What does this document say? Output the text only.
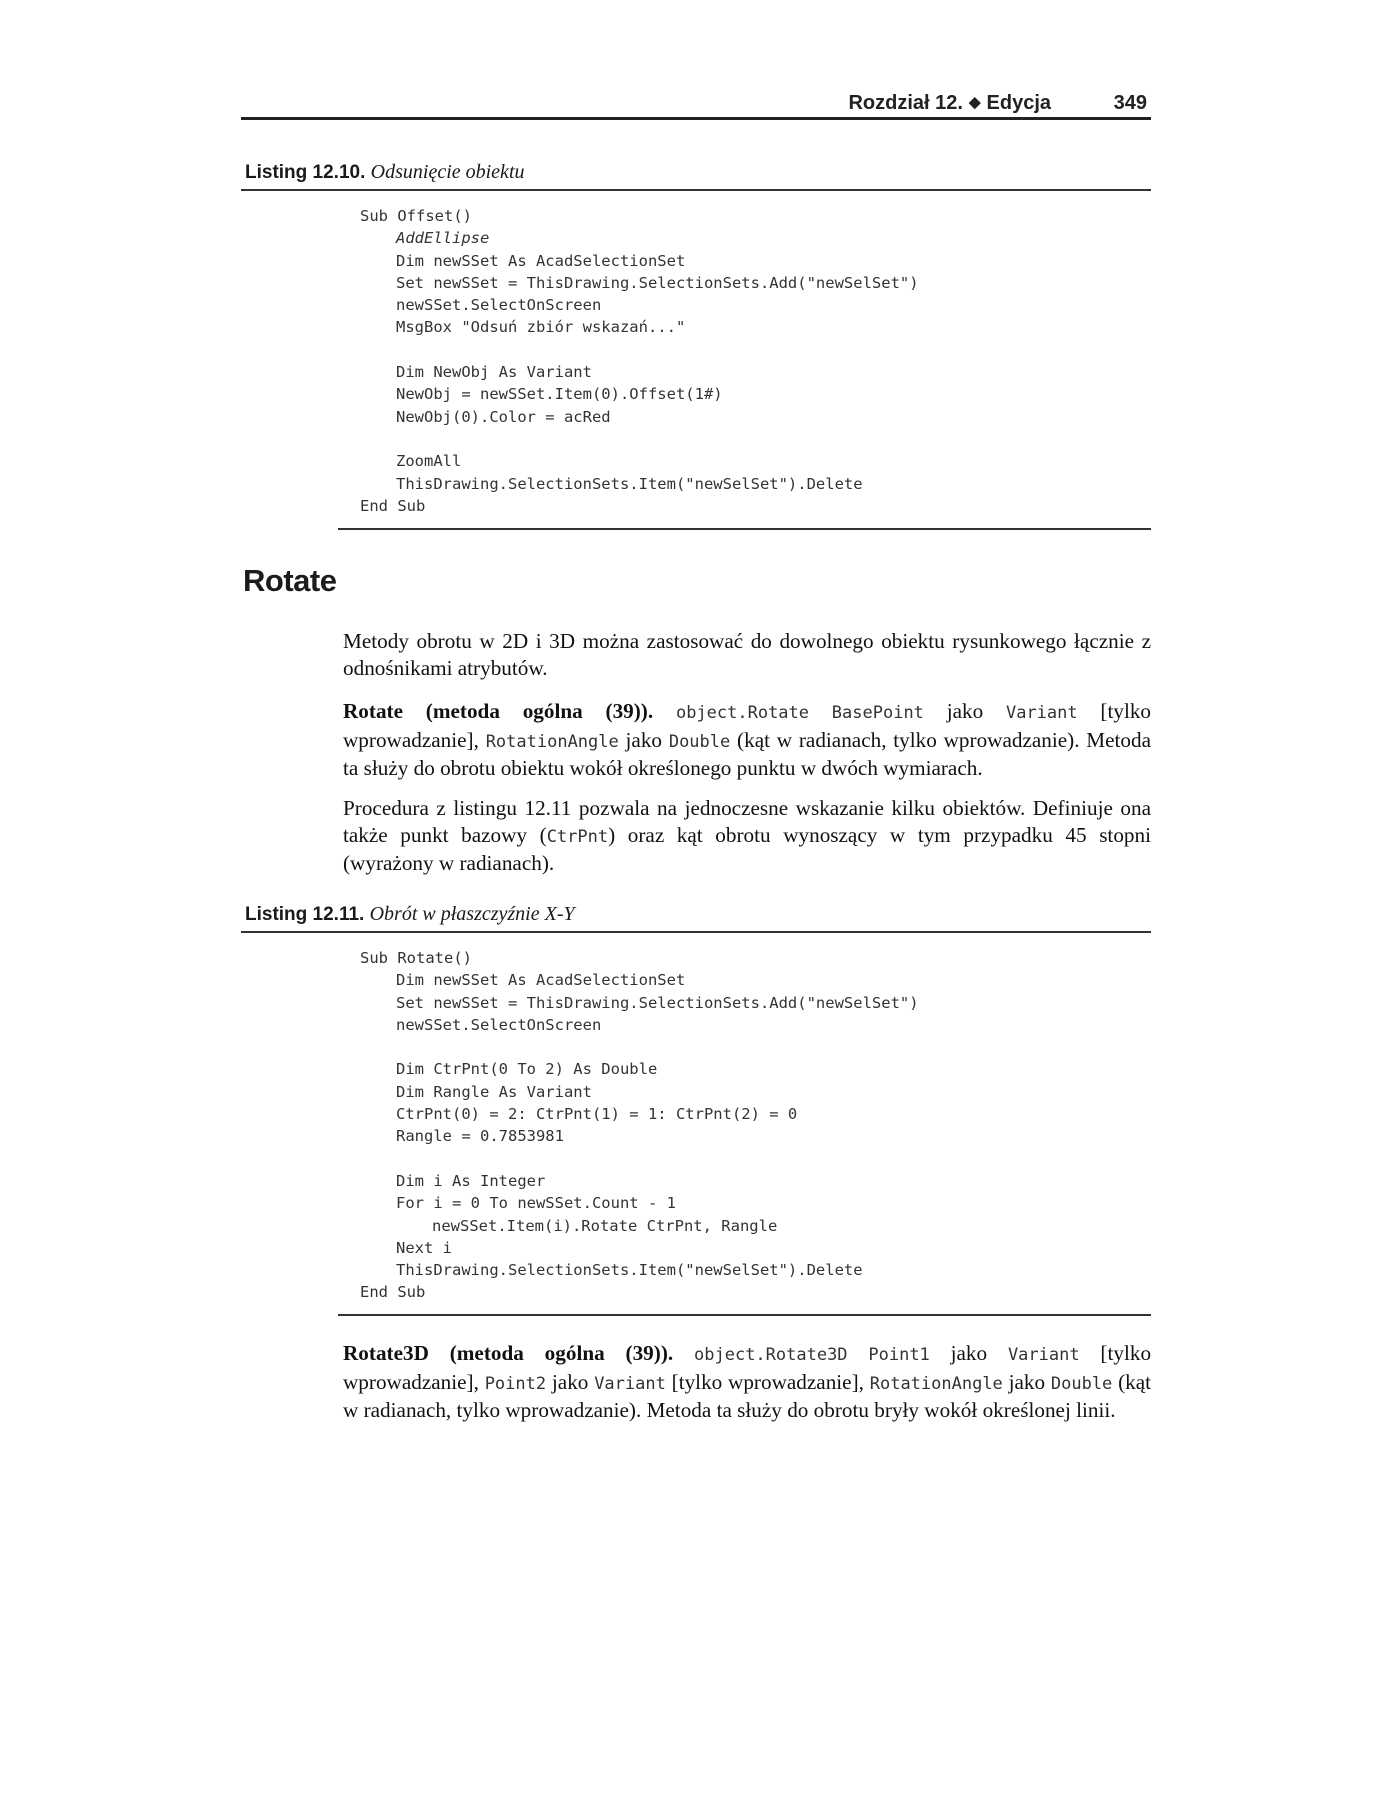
Rozdział 12. ◆ Edycja	349
Listing 12.10. Odsunięcie obiektu
Sub Offset()
AddEllipse
Dim newSSet As AcadSelectionSet
Set newSSet = ThisDrawing.SelectionSets.Add("newSelSet")
newSSet.SelectOnScreen
MsgBox "Odsuń zbiór wskazań..."
Dim NewObj As Variant
NewObj = newSSet.Item(0).Offset(1#)
NewObj(0).Color = acRed
ZoomAll
ThisDrawing.SelectionSets.Item("newSelSet").Delete
End Sub
Rotate

Metody obrotu w 2D i 3D można zastosować do dowolnego obiektu rysunkowego łącznie z odnośnikami atrybutów.

Rotate (metoda ogólna (39)). object.Rotate BasePoint jako Variant [tylko wprowadzanie], RotationAngle jako Double (kąt w radianach, tylko wprowadzanie). Metoda ta służy do obrotu obiektu wokół określonego punktu w dwóch wymiarach.

Procedura z listingu 12.11 pozwala na jednoczesne wskazanie kilku obiektów. Definiuje ona także punkt bazowy (CtrPnt) oraz kąt obrotu wynoszący w tym przypadku 45 stopni (wyrażony w radianach).

Listing 12.11. Obrót w płaszczyźnie X-Y
Sub Rotate()
Dim newSSet As AcadSelectionSet
Set newSSet = ThisDrawing.SelectionSets.Add("newSelSet")
newSSet.SelectOnScreen
Dim CtrPnt(0 To 2) As Double
Dim Rangle As Variant
CtrPnt(0) = 2: CtrPnt(1) = 1: CtrPnt(2) = 0
Rangle = 0.7853981
Dim i As Integer
For i = 0 To newSSet.Count - 1
newSSet.Item(i).Rotate CtrPnt, Rangle
Next i
ThisDrawing.SelectionSets.Item("newSelSet").Delete
End Sub

Rotate3D (metoda ogólna (39)). object.Rotate3D Point1 jako Variant [tylko wprowadzanie], Point2 jako Variant [tylko wprowadzanie], RotationAngle jako Double (kąt w radianach, tylko wprowadzanie). Metoda ta służy do obrotu bryły wokół określonej linii.
